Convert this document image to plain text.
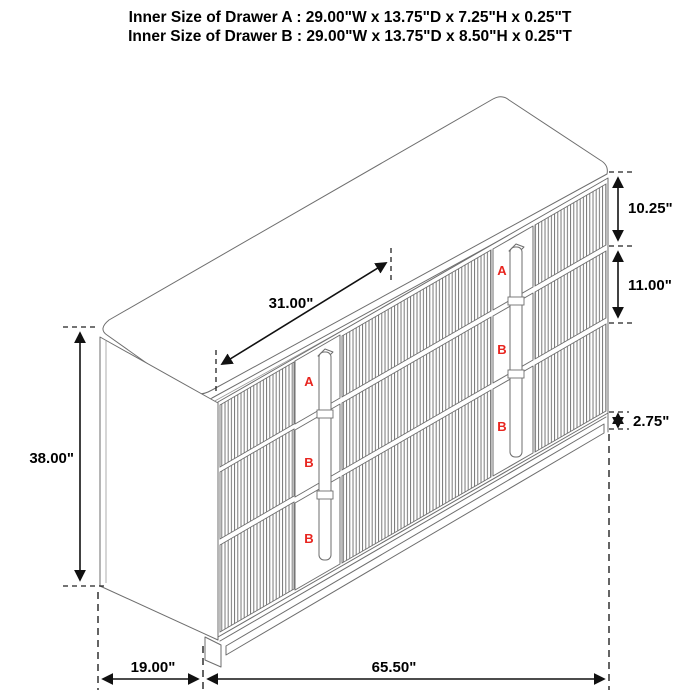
Inner Size of Drawer A : 29.00"W x 13.75"D x 7.25"H x 0.25"T
Inner Size of Drawer B : 29.00"W x 13.75"D x 8.50"H x 0.25"T
A
B
B
A
B
B
31.00"
38.00"
10.25"
11.00"
2.75"
19.00"	65.50"
